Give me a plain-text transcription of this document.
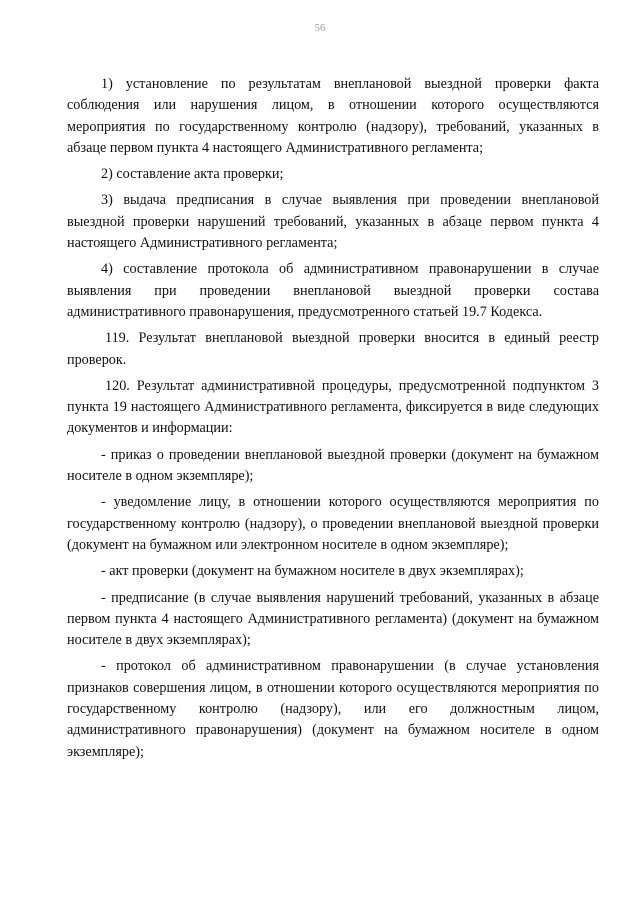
56

1) установление по результатам внеплановой выездной проверки факта соблюдения или нарушения лицом, в отношении которого осуществляются мероприятия по государственному контролю (надзору), требований, указанных в абзаце первом пункта 4 настоящего Административного регламента;

2) составление акта проверки;

3) выдача предписания в случае выявления при проведении внеплановой выездной проверки нарушений требований, указанных в абзаце первом пункта 4 настоящего Административного регламента;

4) составление протокола об административном правонарушении в случае выявления при проведении внеплановой выездной проверки состава административного правонарушения, предусмотренного статьей 19.7 Кодекса.

119. Результат внеплановой выездной проверки вносится в единый реестр проверок.

120. Результат административной процедуры, предусмотренной подпунктом 3 пункта 19 настоящего Административного регламента, фиксируется в виде следующих документов и информации:

- приказ о проведении внеплановой выездной проверки (документ на бумажном носителе в одном экземпляре);

- уведомление лицу, в отношении которого осуществляются мероприятия по государственному контролю (надзору), о проведении внеплановой выездной проверки (документ на бумажном или электронном носителе в одном экземпляре);

- акт проверки (документ на бумажном носителе в двух экземплярах);

- предписание (в случае выявления нарушений требований, указанных в абзаце первом пункта 4 настоящего Административного регламента) (документ на бумажном носителе в двух экземплярах);

- протокол об административном правонарушении (в случае установления признаков совершения лицом, в отношении которого осуществляются мероприятия по государственному контролю (надзору), или его должностным лицом, административного правонарушения) (документ на бумажном носителе в одном экземпляре);
